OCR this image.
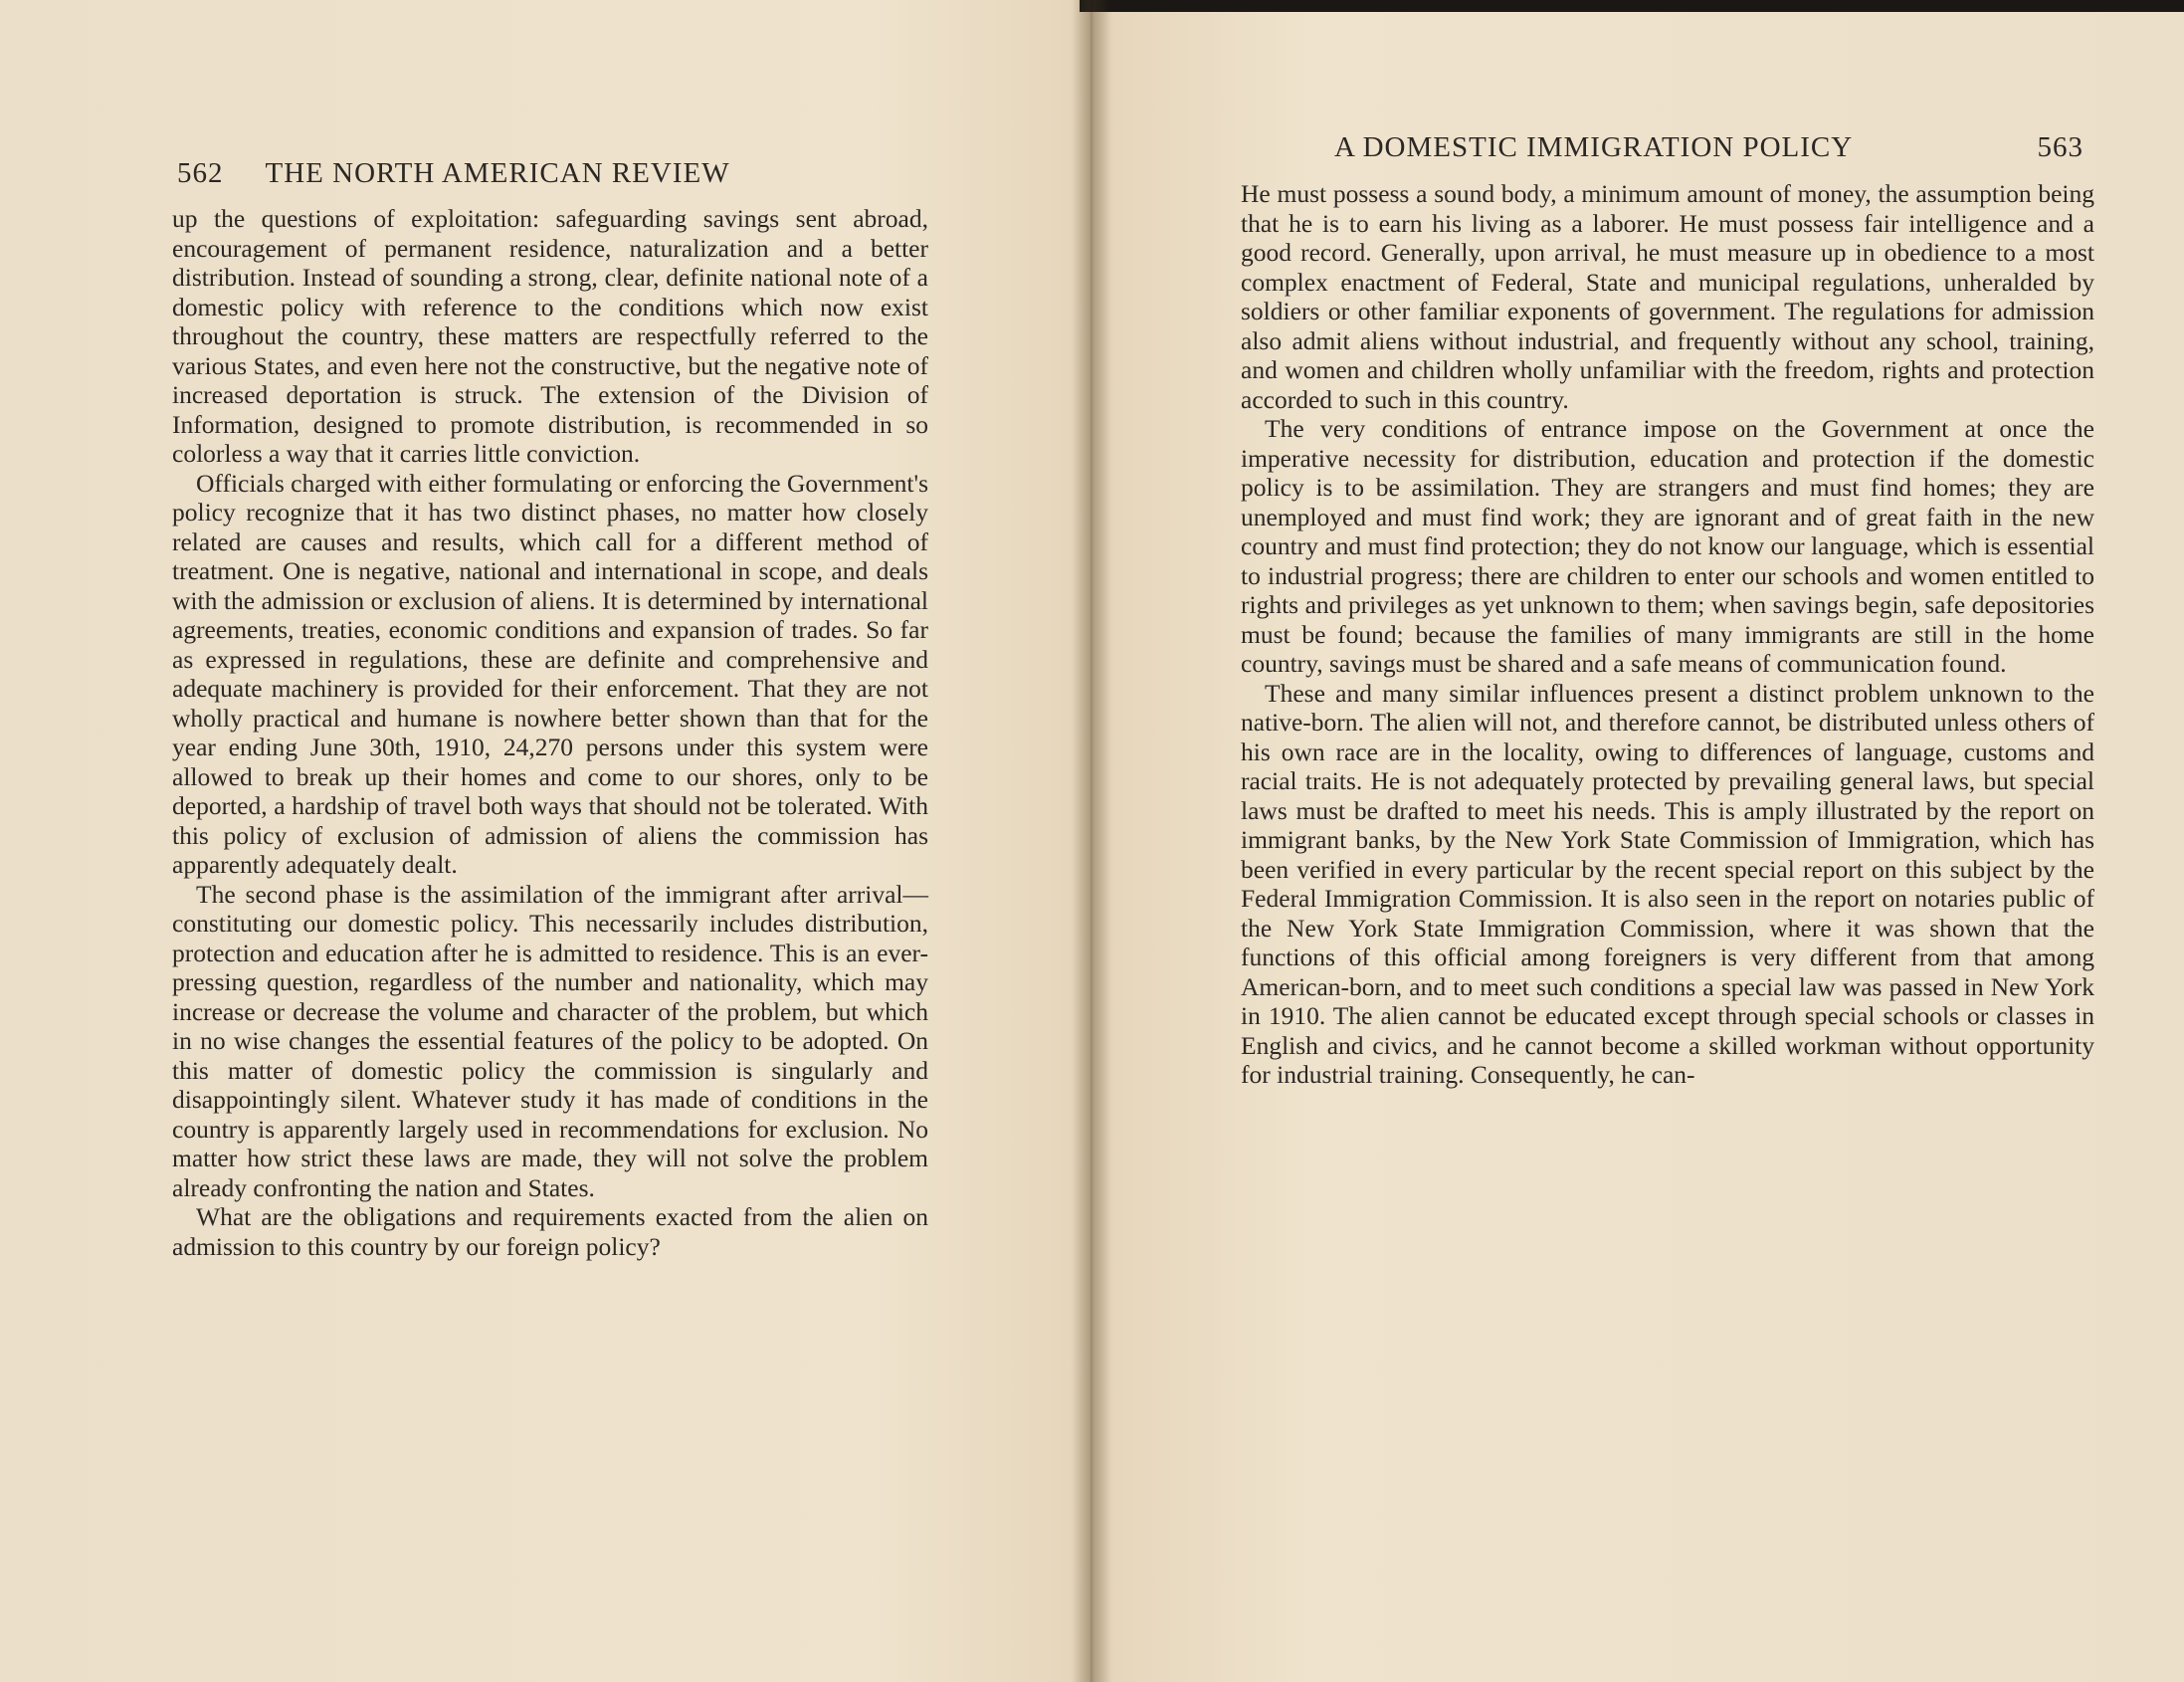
562 THE NORTH AMERICAN REVIEW

up the questions of exploitation: safeguarding savings sent abroad, encouragement of permanent residence, naturalization and a better distribution. Instead of sounding a strong, clear, definite national note of a domestic policy with reference to the conditions which now exist throughout the country, these matters are respectfully referred to the various States, and even here not the constructive, but the negative note of increased deportation is struck. The extension of the Division of Information, designed to promote distribution, is recommended in so colorless a way that it carries little conviction.

Officials charged with either formulating or enforcing the Government's policy recognize that it has two distinct phases, no matter how closely related are causes and results, which call for a different method of treatment. One is negative, national and international in scope, and deals with the admission or exclusion of aliens. It is determined by international agreements, treaties, economic conditions and expansion of trades. So far as expressed in regulations, these are definite and comprehensive and adequate machinery is provided for their enforcement. That they are not wholly practical and humane is nowhere better shown than that for the year ending June 30th, 1910, 24,270 persons under this system were allowed to break up their homes and come to our shores, only to be deported, a hardship of travel both ways that should not be tolerated. With this policy of exclusion of admission of aliens the commission has apparently adequately dealt.

The second phase is the assimilation of the immigrant after arrival—constituting our domestic policy. This necessarily includes distribution, protection and education after he is admitted to residence. This is an ever-pressing question, regardless of the number and nationality, which may increase or decrease the volume and character of the problem, but which in no wise changes the essential features of the policy to be adopted. On this matter of domestic policy the commission is singularly and disappointingly silent. Whatever study it has made of conditions in the country is apparently largely used in recommendations for exclusion. No matter how strict these laws are made, they will not solve the problem already confronting the nation and States.

What are the obligations and requirements exacted from the alien on admission to this country by our foreign policy?

A DOMESTIC IMMIGRATION POLICY	563

He must possess a sound body, a minimum amount of money, the assumption being that he is to earn his living as a laborer. He must possess fair intelligence and a good record. Generally, upon arrival, he must measure up in obedience to a most complex enactment of Federal, State and municipal regulations, unheralded by soldiers or other familiar exponents of government. The regulations for admission also admit aliens without industrial, and frequently without any school, training, and women and children wholly unfamiliar with the freedom, rights and protection accorded to such in this country.

The very conditions of entrance impose on the Government at once the imperative necessity for distribution, education and protection if the domestic policy is to be assimilation. They are strangers and must find homes; they are unemployed and must find work; they are ignorant and of great faith in the new country and must find protection; they do not know our language, which is essential to industrial progress; there are children to enter our schools and women entitled to rights and privileges as yet unknown to them; when savings begin, safe depositories must be found; because the families of many immigrants are still in the home country, savings must be shared and a safe means of communication found.

These and many similar influences present a distinct problem unknown to the native-born. The alien will not, and therefore cannot, be distributed unless others of his own race are in the locality, owing to differences of language, customs and racial traits. He is not adequately protected by prevailing general laws, but special laws must be drafted to meet his needs. This is amply illustrated by the report on immigrant banks, by the New York State Commission of Immigration, which has been verified in every particular by the recent special report on this subject by the Federal Immigration Commission. It is also seen in the report on notaries public of the New York State Immigration Commission, where it was shown that the functions of this official among foreigners is very different from that among American-born, and to meet such conditions a special law was passed in New York in 1910. The alien cannot be educated except through special schools or classes in English and civics, and he cannot become a skilled workman without opportunity for industrial training. Consequently, he can-
